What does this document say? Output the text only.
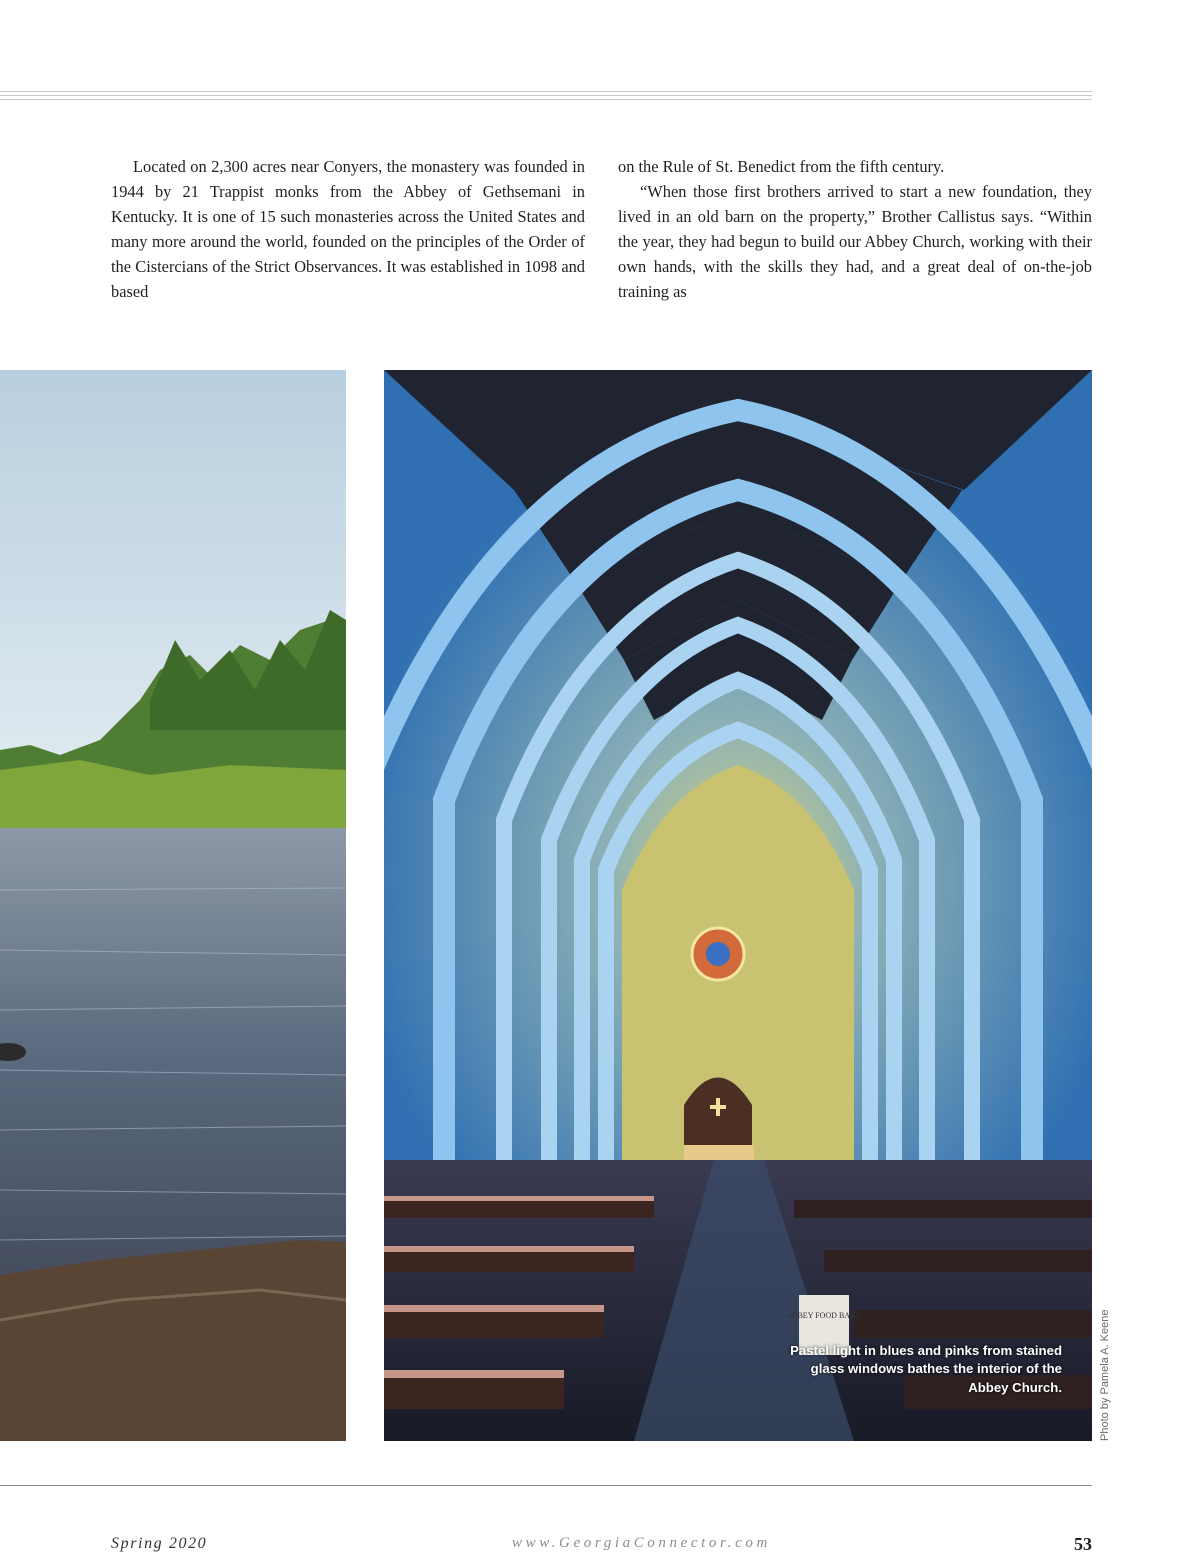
Located on 2,300 acres near Conyers, the monastery was founded in 1944 by 21 Trappist monks from the Abbey of Gethsemani in Kentucky. It is one of 15 such monasteries across the United States and many more around the world, founded on the principles of the Order of the Cistercians of the Strict Observances. It was established in 1098 and based

on the Rule of St. Benedict from the fifth century.

“When those first brothers arrived to start a new foundation, they lived in an old barn on the property,” Brother Callistus says. “Within the year, they had begun to build our Abbey Church, working with their own hands, with the skills they had, and a great deal of on-the-job training as

ABBEY FOOD BANK
Pastel light in blues and pinks from stained glass windows bathes the interior of the Abbey Church.	Photo by Pamela A. Keene
Spring 2020	www.GeorgiaConnector.com	53
